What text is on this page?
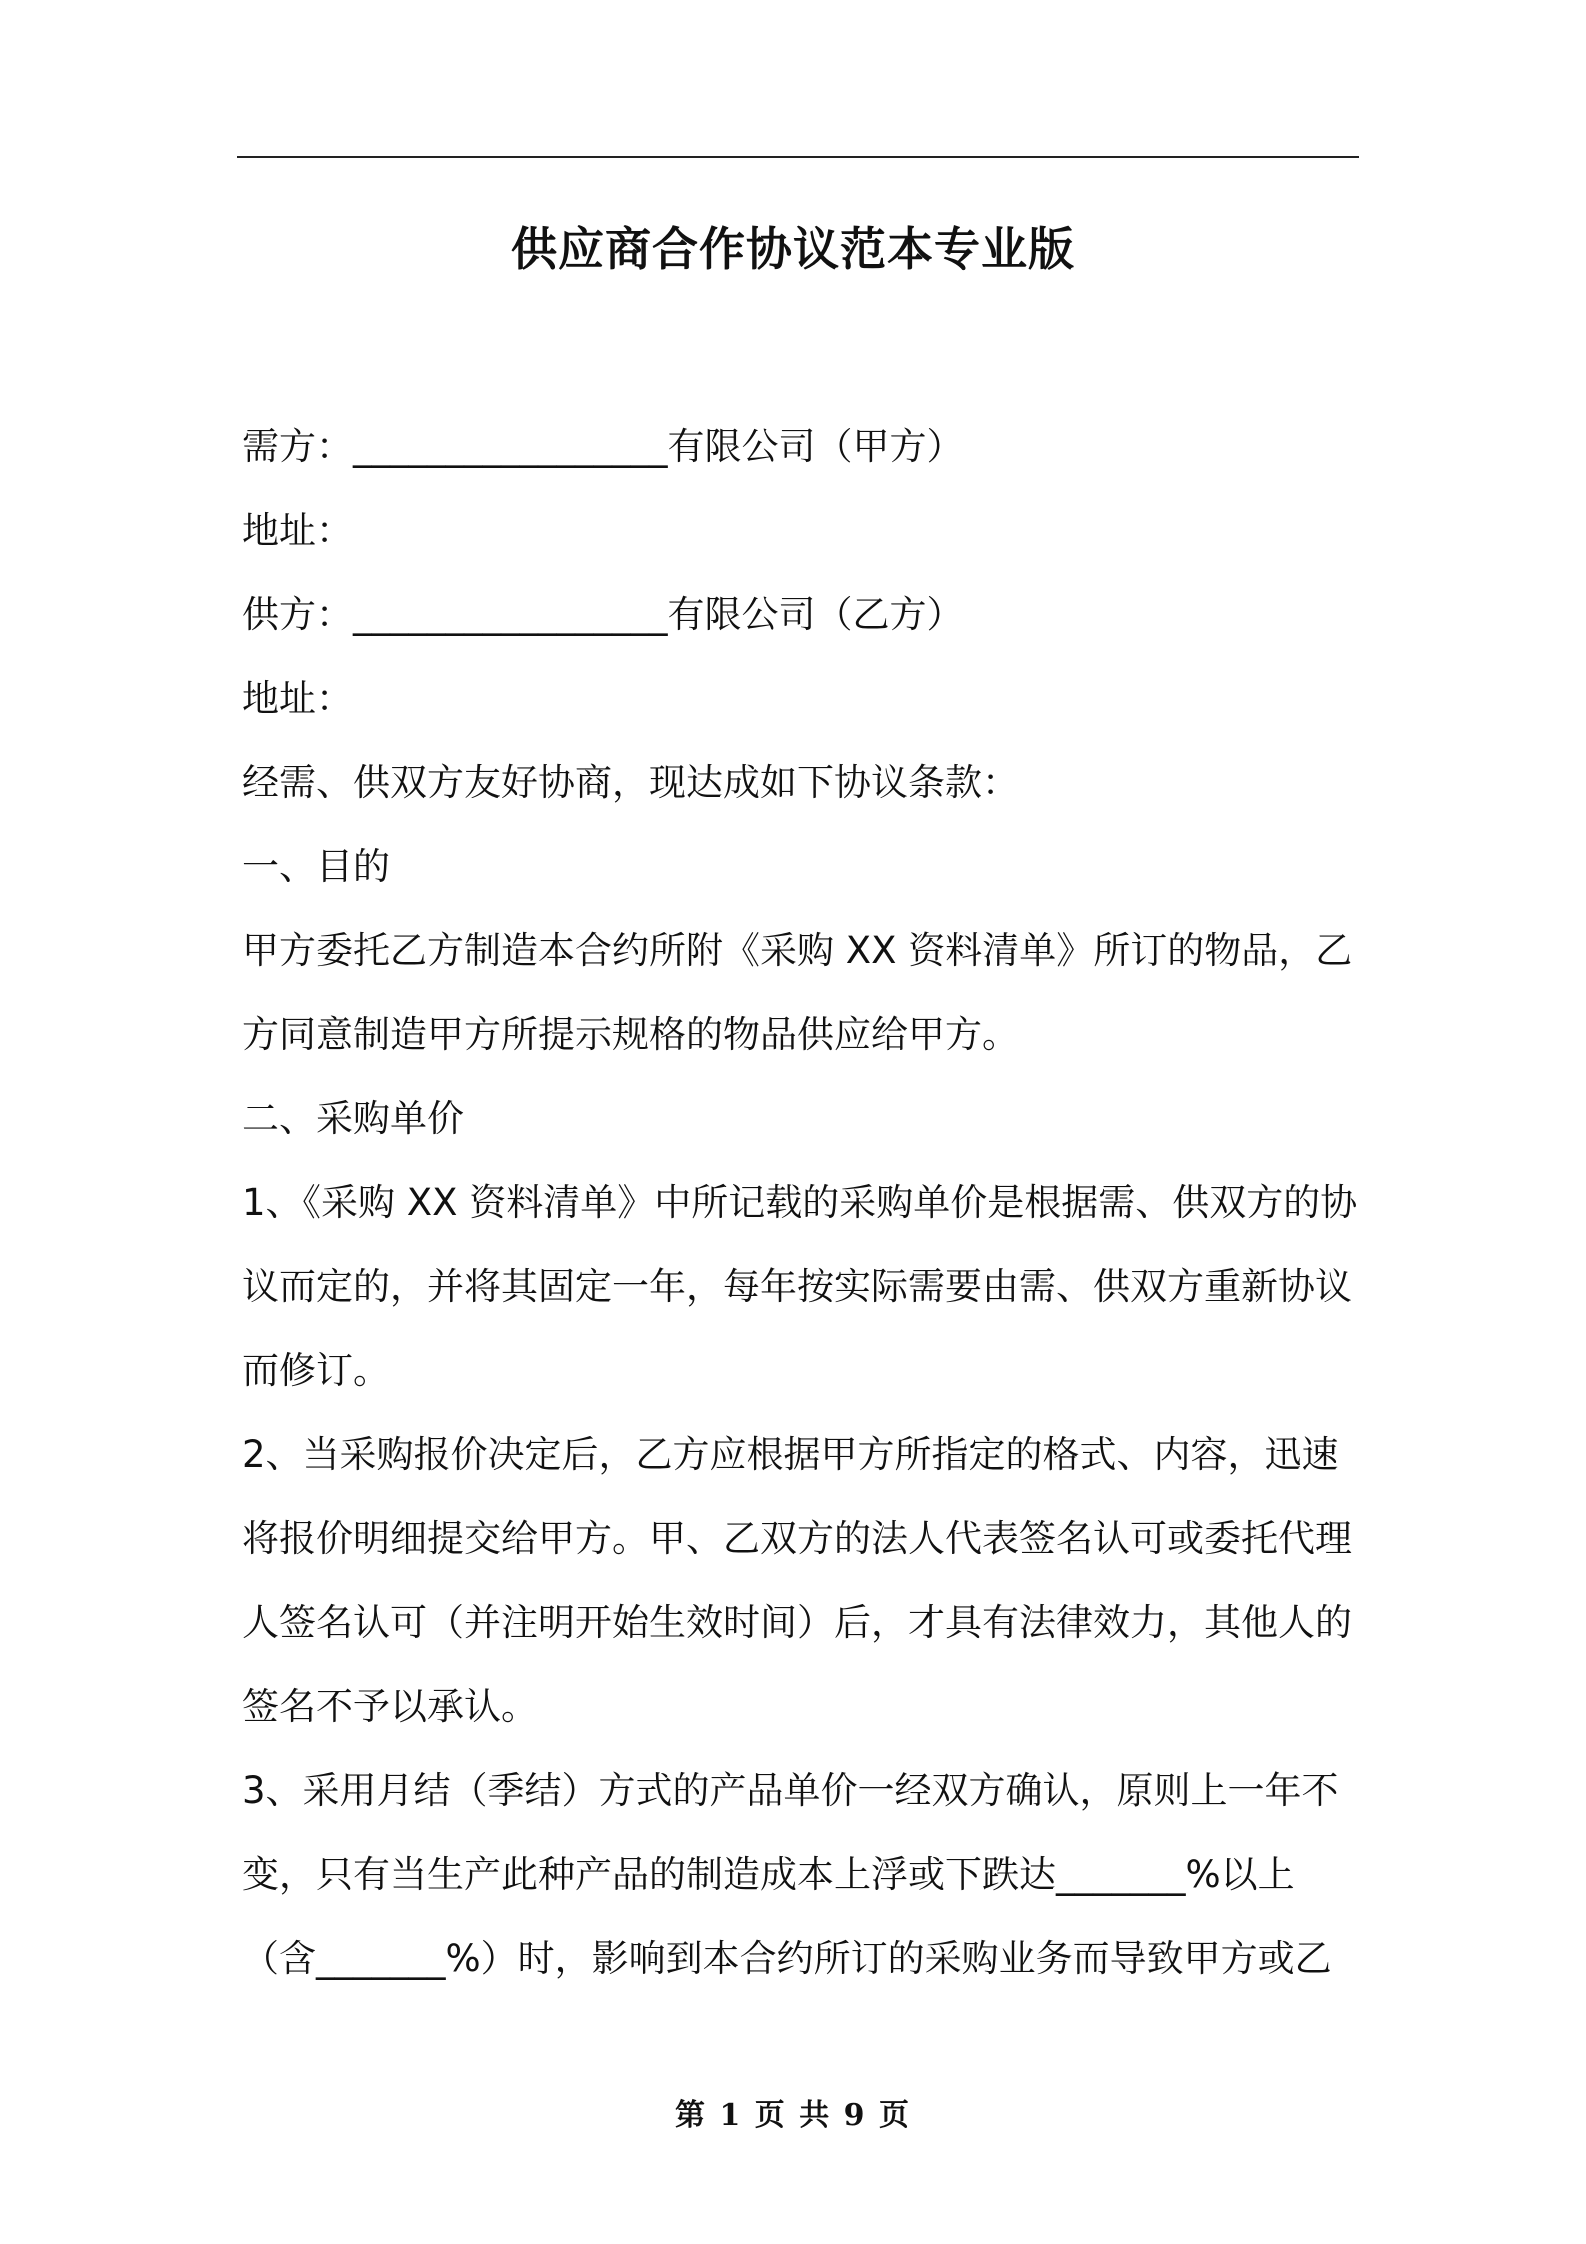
供应商合作协议范本专业版
需方：_________________有限公司（甲方）
地址：
供方：_________________有限公司（乙方）
地址：
经需、供双方友好协商，现达成如下协议条款：
一、目的
甲方委托乙方制造本合约所附《采购 XX 资料清单》所订的物品，乙
方同意制造甲方所提示规格的物品供应给甲方。
二、采购单价
1、《采购 XX 资料清单》中所记载的采购单价是根据需、供双方的协
议而定的，并将其固定一年，每年按实际需要由需、供双方重新协议
而修订。
2、当采购报价决定后，乙方应根据甲方所指定的格式、内容，迅速
将报价明细提交给甲方。甲、乙双方的法人代表签名认可或委托代理
人签名认可（并注明开始生效时间）后，才具有法律效力，其他人的
签名不予以承认。
3、采用月结（季结）方式的产品单价一经双方确认，原则上一年不
变，只有当生产此种产品的制造成本上浮或下跌达_______%以上
（含_______%）时，影响到本合约所订的采购业务而导致甲方或乙
第 1 页 共 9 页
